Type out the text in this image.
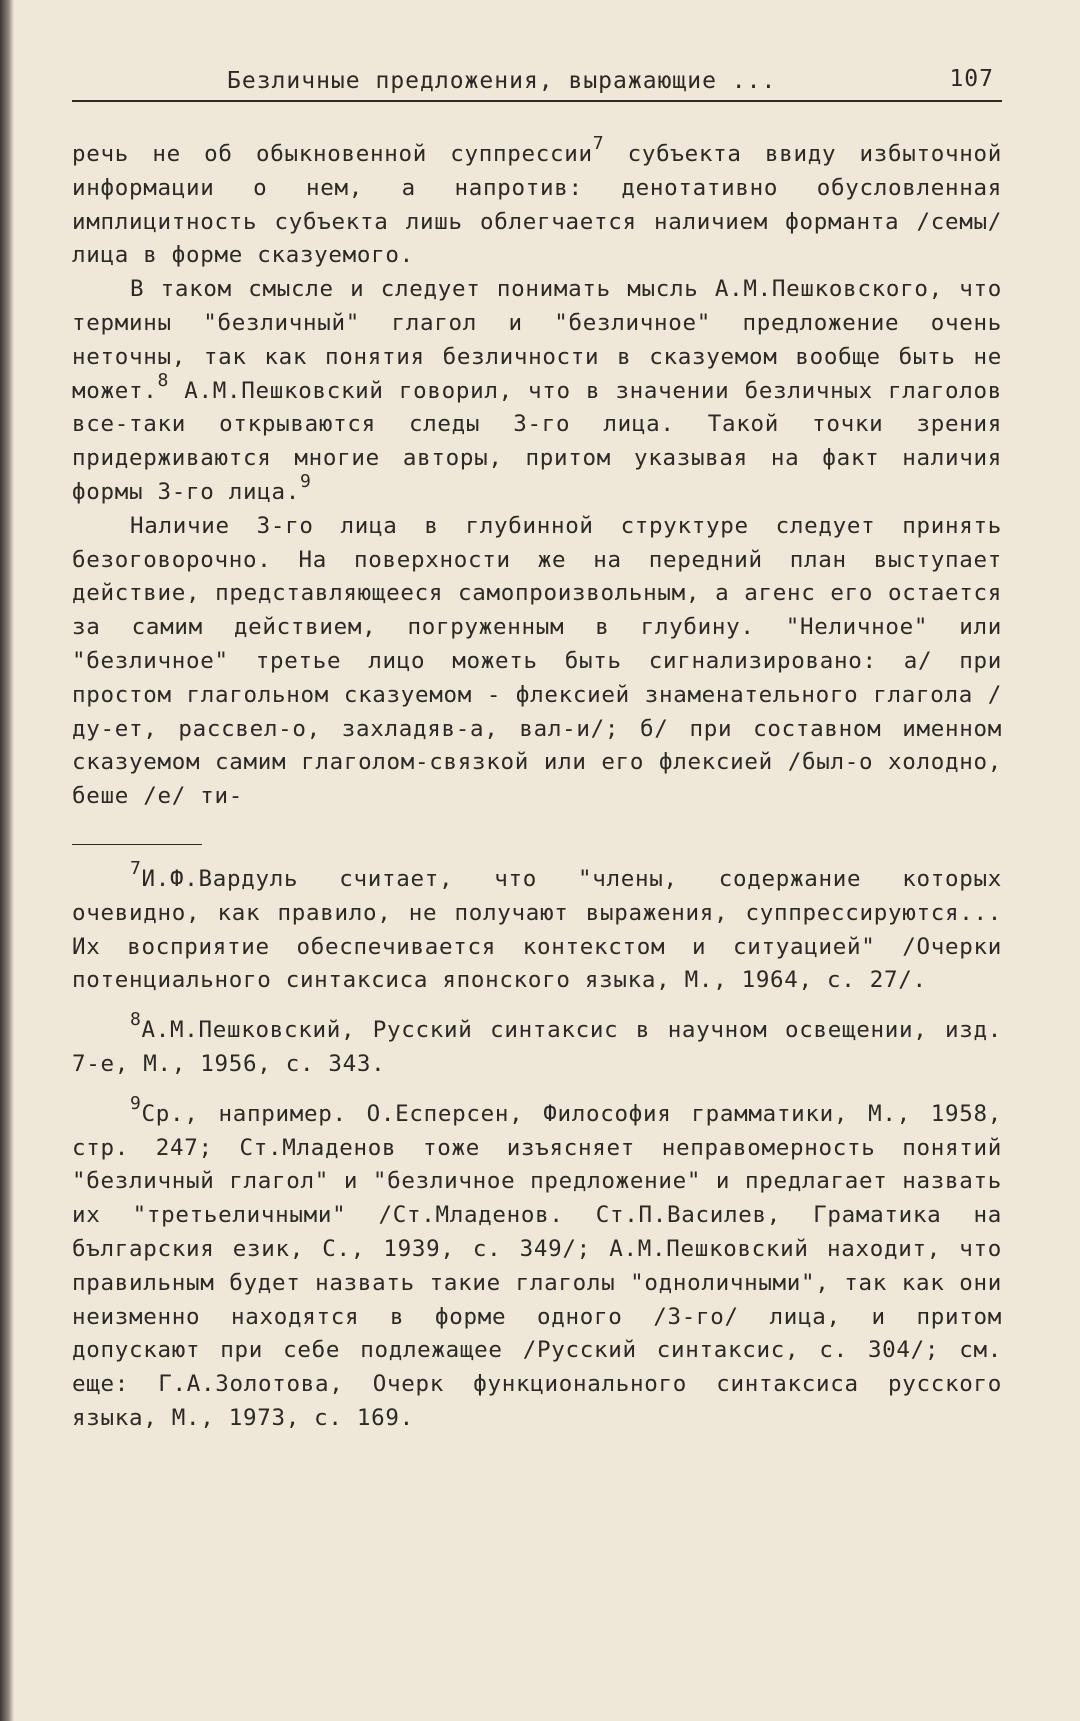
Безличные предложения, выражающие ...	107

речь не об обыкновенной суппрессии$^7$ субъекта ввиду избыточной информации о нем, а напротив: денотативно обусловленная имплицитность субъекта лишь облегчается наличием форманта /семы/ лица в форме сказуемого.

В таком смысле и следует понимать мысль А.М.Пешковского, что термины "безличный" глагол и "безличное" предложение очень неточны, так как понятия безличности в сказуемом вообще быть не может.$^8$ А.М.Пешковский говорил, что в значении безличных глаголов все-таки открываются следы 3-го лица. Такой точки зрения придерживаются многие авторы, притом указывая на факт наличия формы 3-го лица.$^9$

Наличие 3-го лица в глубинной структуре следует принять безоговорочно. На поверхности же на передний план выступает действие, представляющееся самопроизвольным, а агенс его остается за самим действием, погруженным в глубину. "Неличное" или "безличное" третье лицо можеть быть сигнализировано: а/ при простом глагольном сказуемом - флексией знаменательного глагола /ду-ет, рассвел-о, захладяв-а, вал-и/; б/ при составном именном сказуемом самим глаголом-связкой или его флексией /был-о холодно, беше /е/ ти-

$^7$И.Ф.Вардуль считает, что "члены, содержание которых очевидно, как правило, не получают выражения, суппрессируются... Их восприятие обеспечивается контекстом и ситуацией" /Очерки потенциального синтаксиса японского языка, М., 1964, с. 27/.

$^8$А.М.Пешковский, Русский синтаксис в научном освещении, изд. 7-е, М., 1956, с. 343.

$^9$Ср., например. О.Есперсен, Философия грамматики, М., 1958, стр. 247; Ст.Младенов тоже изъясняет неправомерность понятий "безличный глагол" и "безличное предложение" и предлагает назвать их "третьеличными" /Ст.Младенов. Ст.П.Василев, Граматика на българския език, С., 1939, с. 349/; А.М.Пешковский находит, что правильным будет назвать такие глаголы "одноличными", так как они неизменно находятся в форме одного /3-го/ лица, и притом допускают при себе подлежащее /Русский синтаксис, с. 304/; см. еще: Г.А.Золотова, Очерк функционального синтаксиса русского языка, М., 1973, с. 169.
